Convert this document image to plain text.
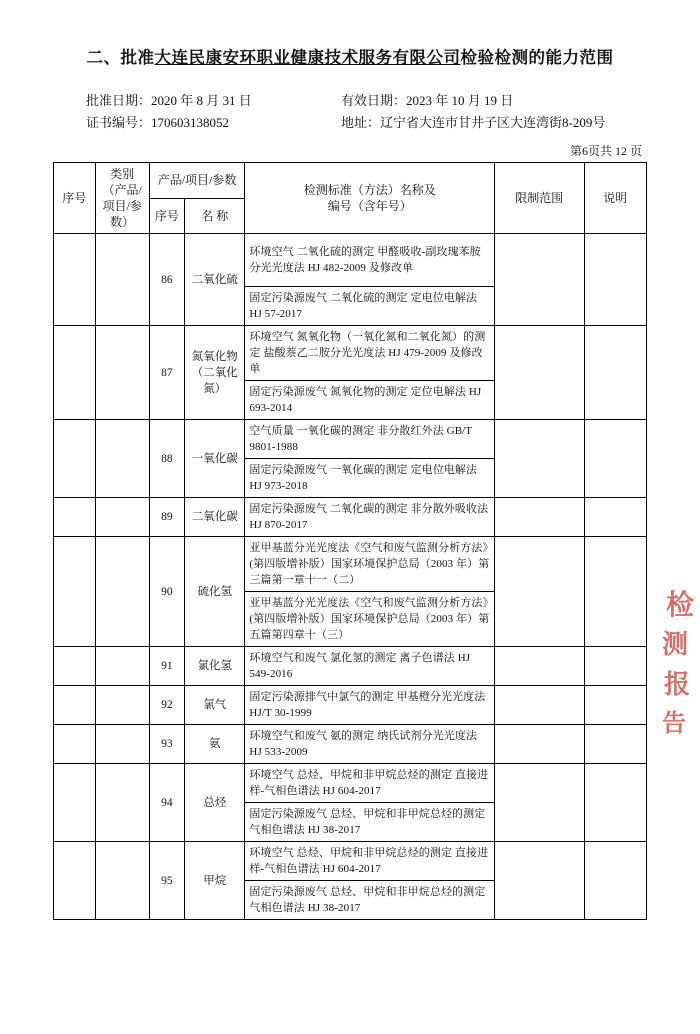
二、批准大连民康安环职业健康技术服务有限公司检验检测的能力范围
批准日期：2020 年 8 月 31 日	有效日期：2023 年 10 月 19 日
证书编号：170603138052	地址：辽宁省大连市甘井子区大连湾街8-209号
第6页共 12 页
序号	类别（产品/项目/参数）	产品/项目/参数		检测标准（方法）名称及
编号（含年号）	限制范围	说明
		序号	名 称			
		86	二氧化硫	环境空气 二氧化硫的测定 甲醛吸收-副玫瑰苯胺分光光度法 HJ 482-2009 及修改单		
				固定污染源废气 二氧化硫的测定 定电位电解法 HJ 57-2017		
		87	氮氧化物（二氧化氮）	环境空气 氮氧化物（一氧化氮和二氧化氮）的测定 盐酸萘乙二胺分光光度法 HJ 479-2009 及修改单		
				固定污染源废气 氮氧化物的测定 定位电解法 HJ 693-2014		
		88	一氧化碳	空气质量 一氧化碳的测定 非分散红外法 GB/T 9801-1988		
				固定污染源废气 一氧化碳的测定 定电位电解法 HJ 973-2018		
		89	二氧化碳	固定污染源废气 二氧化碳的测定 非分散外吸收法 HJ 870-2017		
		90	硫化氢	亚甲基蓝分光光度法《空气和废气监测分析方法》(第四版增补版）国家环境保护总局（2003 年）第三篇第一章十一（二）		
				亚甲基蓝分光光度法《空气和废气监测分析方法》(第四版增补版）国家环境保护总局（2003 年）第五篇第四章十（三）		
		91	氯化氢	环境空气和废气 氯化氢的测定 离子色谱法 HJ 549-2016		
		92	氯气	固定污染源排气中氯气的测定 甲基橙分光光度法 HJ/T 30-1999		
		93	氨	环境空气和废气 氨的测定 纳氏试剂分光光度法 HJ 533-2009		
		94	总烃	环境空气 总烃、甲烷和非甲烷总烃的测定 直接进样-气相色谱法 HJ 604-2017		
				固定污染源废气 总烃、甲烷和非甲烷总烃的测定 气相色谱法 HJ 38-2017		
		95	甲烷	环境空气 总烃、甲烷和非甲烷总烃的测定 直接进样-气相色谱法 HJ 604-2017		
				固定污染源废气 总烃、甲烷和非甲烷总烃的测定 气相色谱法 HJ 38-2017		
检
测
报
告
